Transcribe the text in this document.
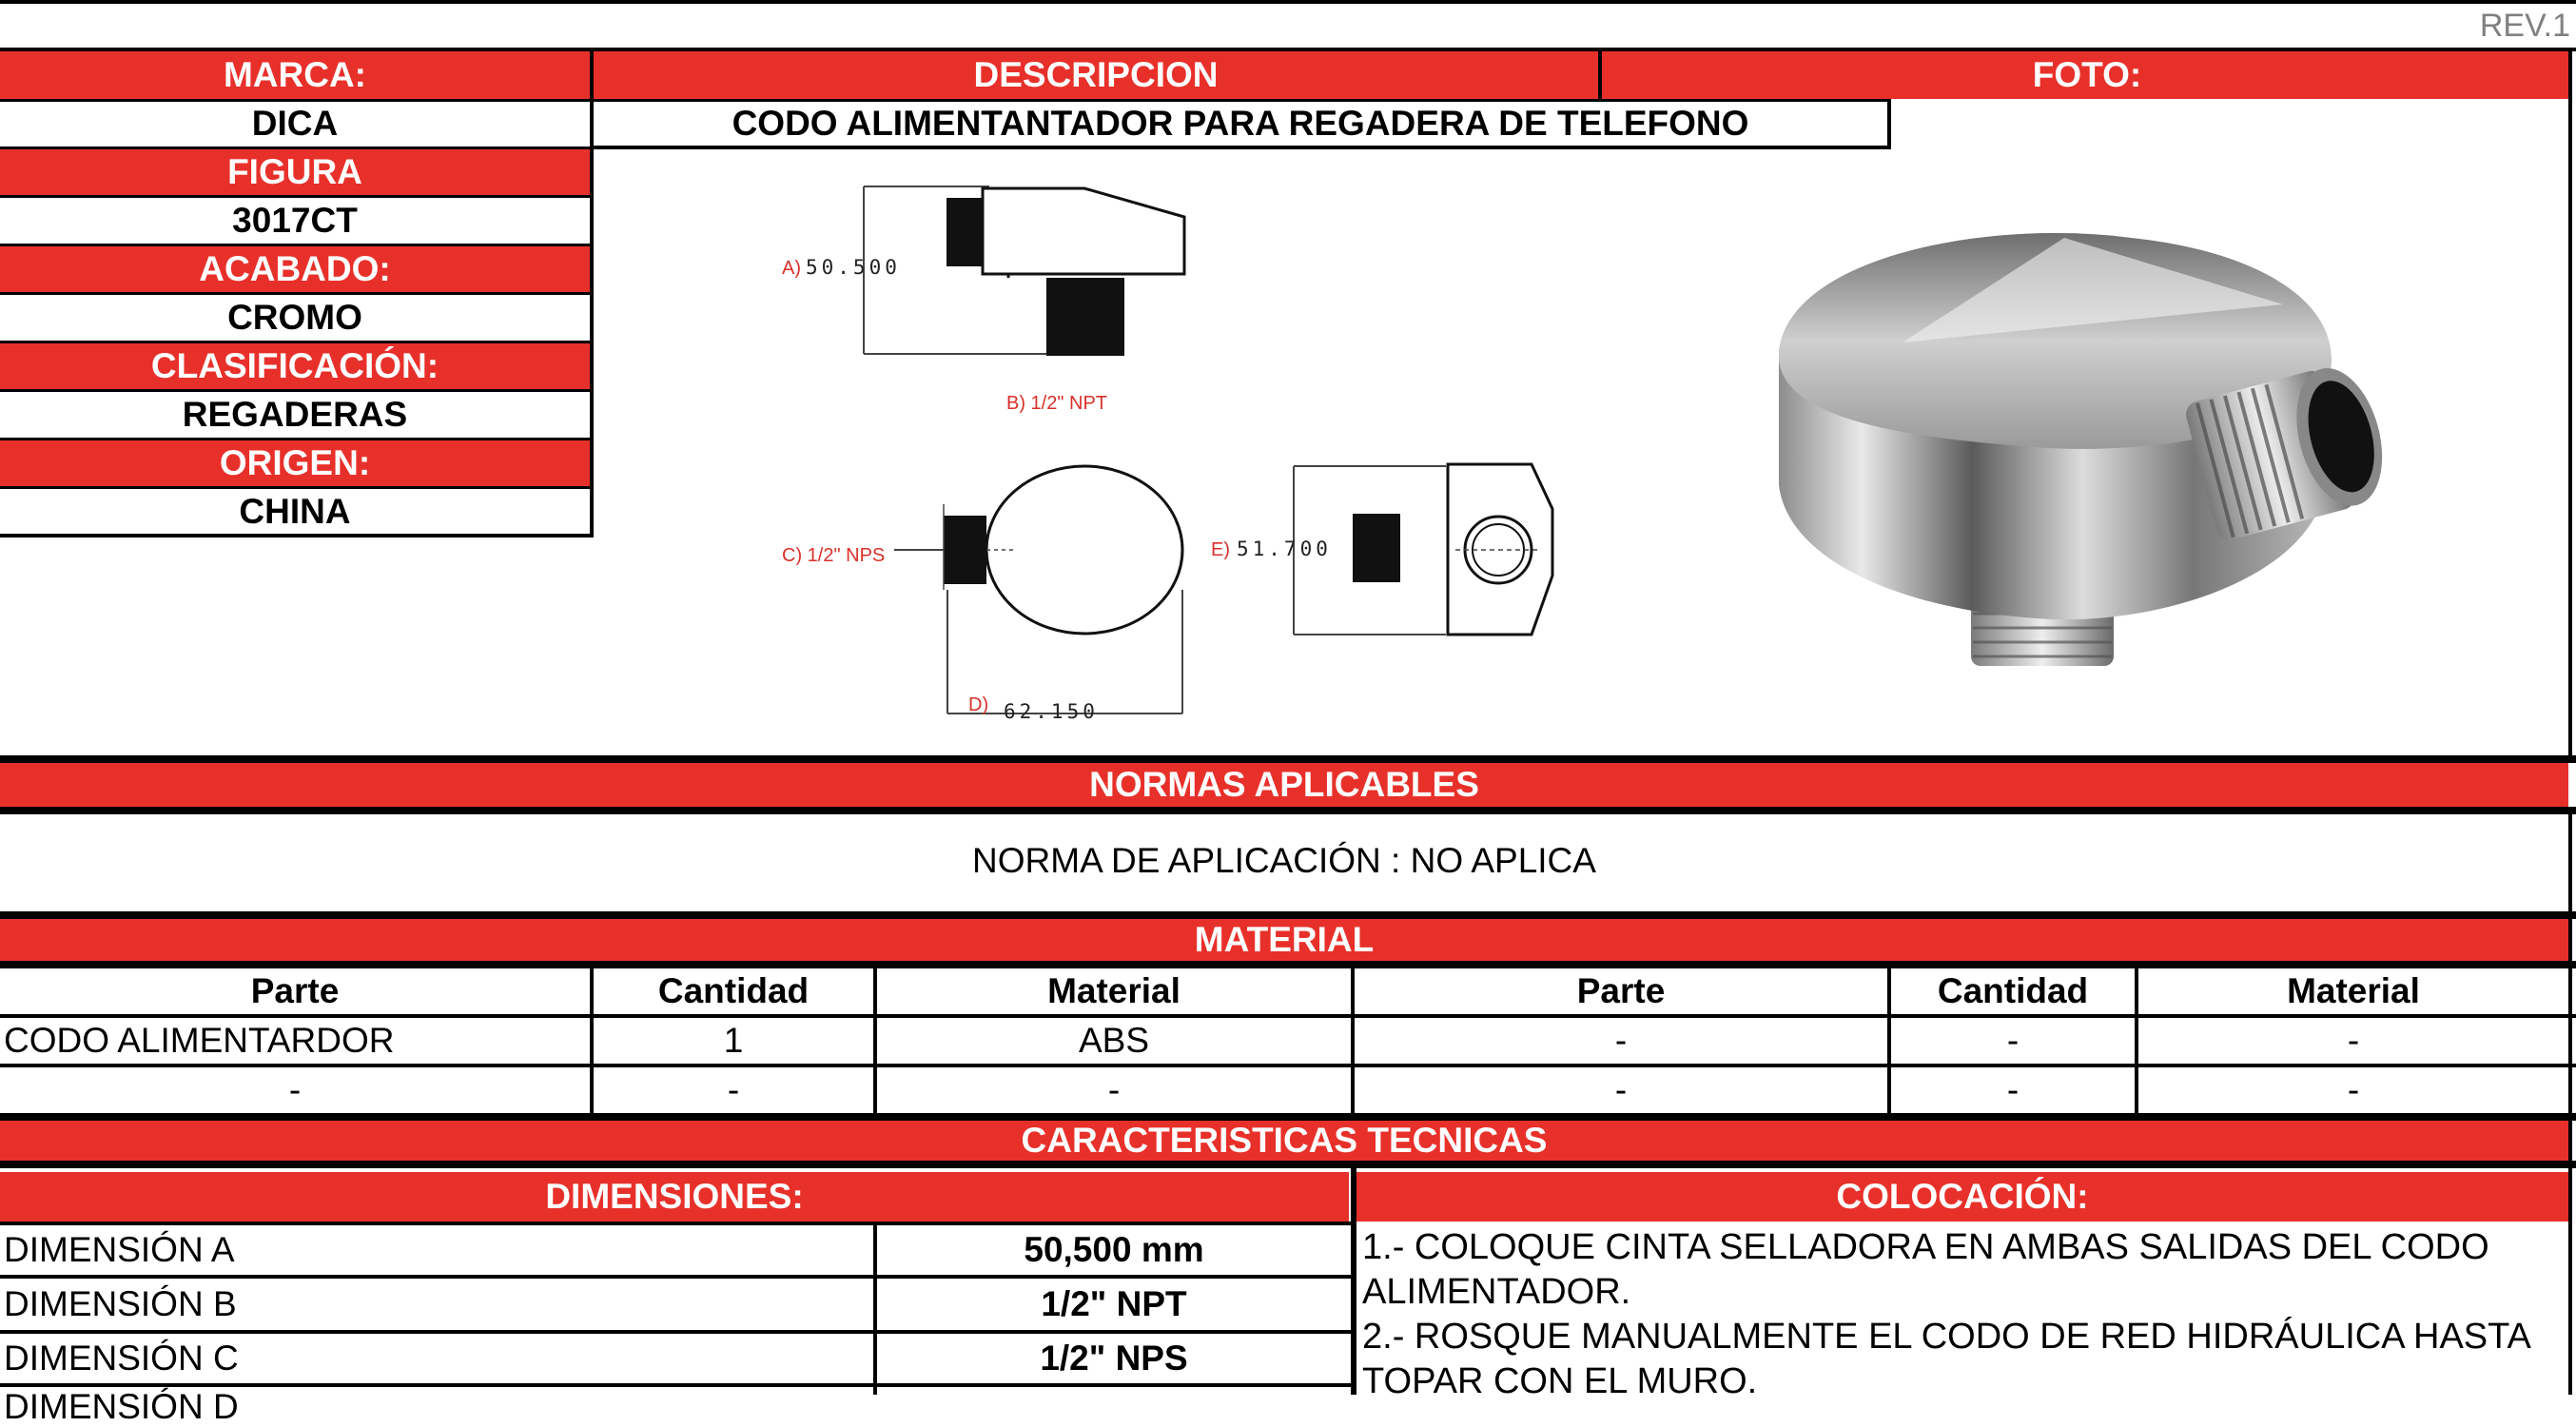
REV.1
MARCA:	DESCRIPCION	FOTO:
DICA	CODO ALIMENTANTADOR PARA REGADERA DE TELEFONO
FIGURA
3017CT
ACABADO:
CROMO
CLASIFICACIÓN:
REGADERAS
ORIGEN:
CHINA
A) 50.500
B) 1/2" NPT
C) 1/2" NPS
D) 62.150
E) 51.700
NORMAS APLICABLES
NORMA DE APLICACIÓN : NO APLICA
MATERIAL
Parte	Cantidad	Material	Parte	Cantidad	Material
CODO ALIMENTARDOR	1	ABS	-	-	-
-	-	-	-	-	-
CARACTERISTICAS TECNICAS
DIMENSIONES:	COLOCACIÓN:
DIMENSIÓN A	50,500 mm
DIMENSIÓN B	1/2" NPT
DIMENSIÓN C	1/2" NPS
DIMENSIÓN D
1.- COLOQUE CINTA SELLADORA EN AMBAS SALIDAS DEL CODO ALIMENTADOR.
2.- ROSQUE MANUALMENTE EL CODO DE RED HIDRÁULICA HASTA TOPAR CON EL MURO.
